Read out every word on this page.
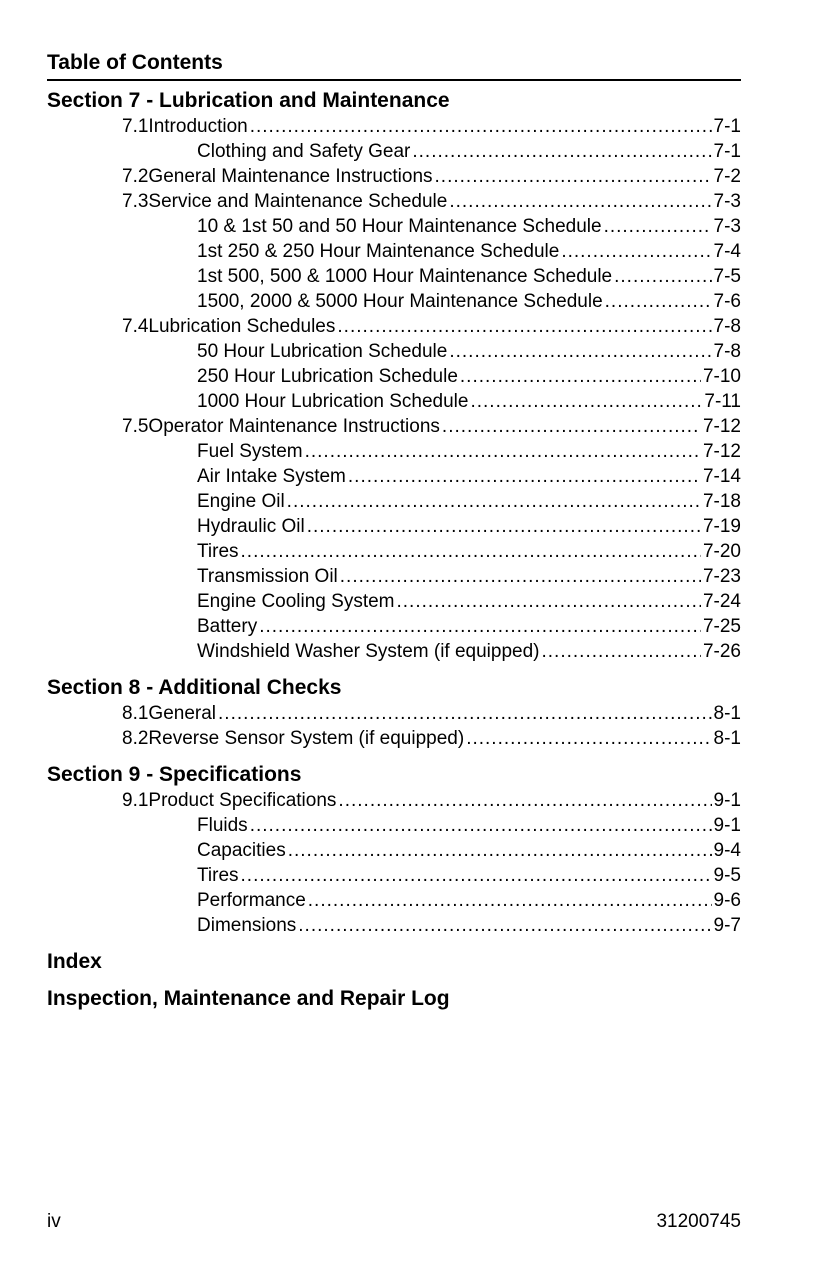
Table of Contents
Section 7 - Lubrication and Maintenance
7.1 Introduction .....	7-1
Clothing and Safety Gear .....	7-1
7.2 General Maintenance Instructions .....	7-2
7.3 Service and Maintenance Schedule .....	7-3
10 & 1st 50 and 50 Hour Maintenance Schedule .....	7-3
1st 250 & 250 Hour Maintenance Schedule .....	7-4
1st 500, 500 & 1000 Hour Maintenance Schedule .....	7-5
1500, 2000 & 5000 Hour Maintenance Schedule .....	7-6
7.4 Lubrication Schedules .....	7-8
50 Hour Lubrication Schedule .....	7-8
250 Hour Lubrication Schedule .....	7-10
1000 Hour Lubrication Schedule .....	7-11
7.5 Operator Maintenance Instructions .....	7-12
Fuel System .....	7-12
Air Intake System .....	7-14
Engine Oil .....	7-18
Hydraulic Oil .....	7-19
Tires .....	7-20
Transmission Oil .....	7-23
Engine Cooling System .....	7-24
Battery .....	7-25
Windshield Washer System (if equipped) .....	7-26
Section 8 - Additional Checks
8.1 General .....	8-1
8.2 Reverse Sensor System (if equipped) .....	8-1
Section 9 - Specifications
9.1 Product Specifications .....	9-1
Fluids .....	9-1
Capacities .....	9-4
Tires .....	9-5
Performance .....	9-6
Dimensions .....	9-7
Index
Inspection, Maintenance and Repair Log
iv	31200745
